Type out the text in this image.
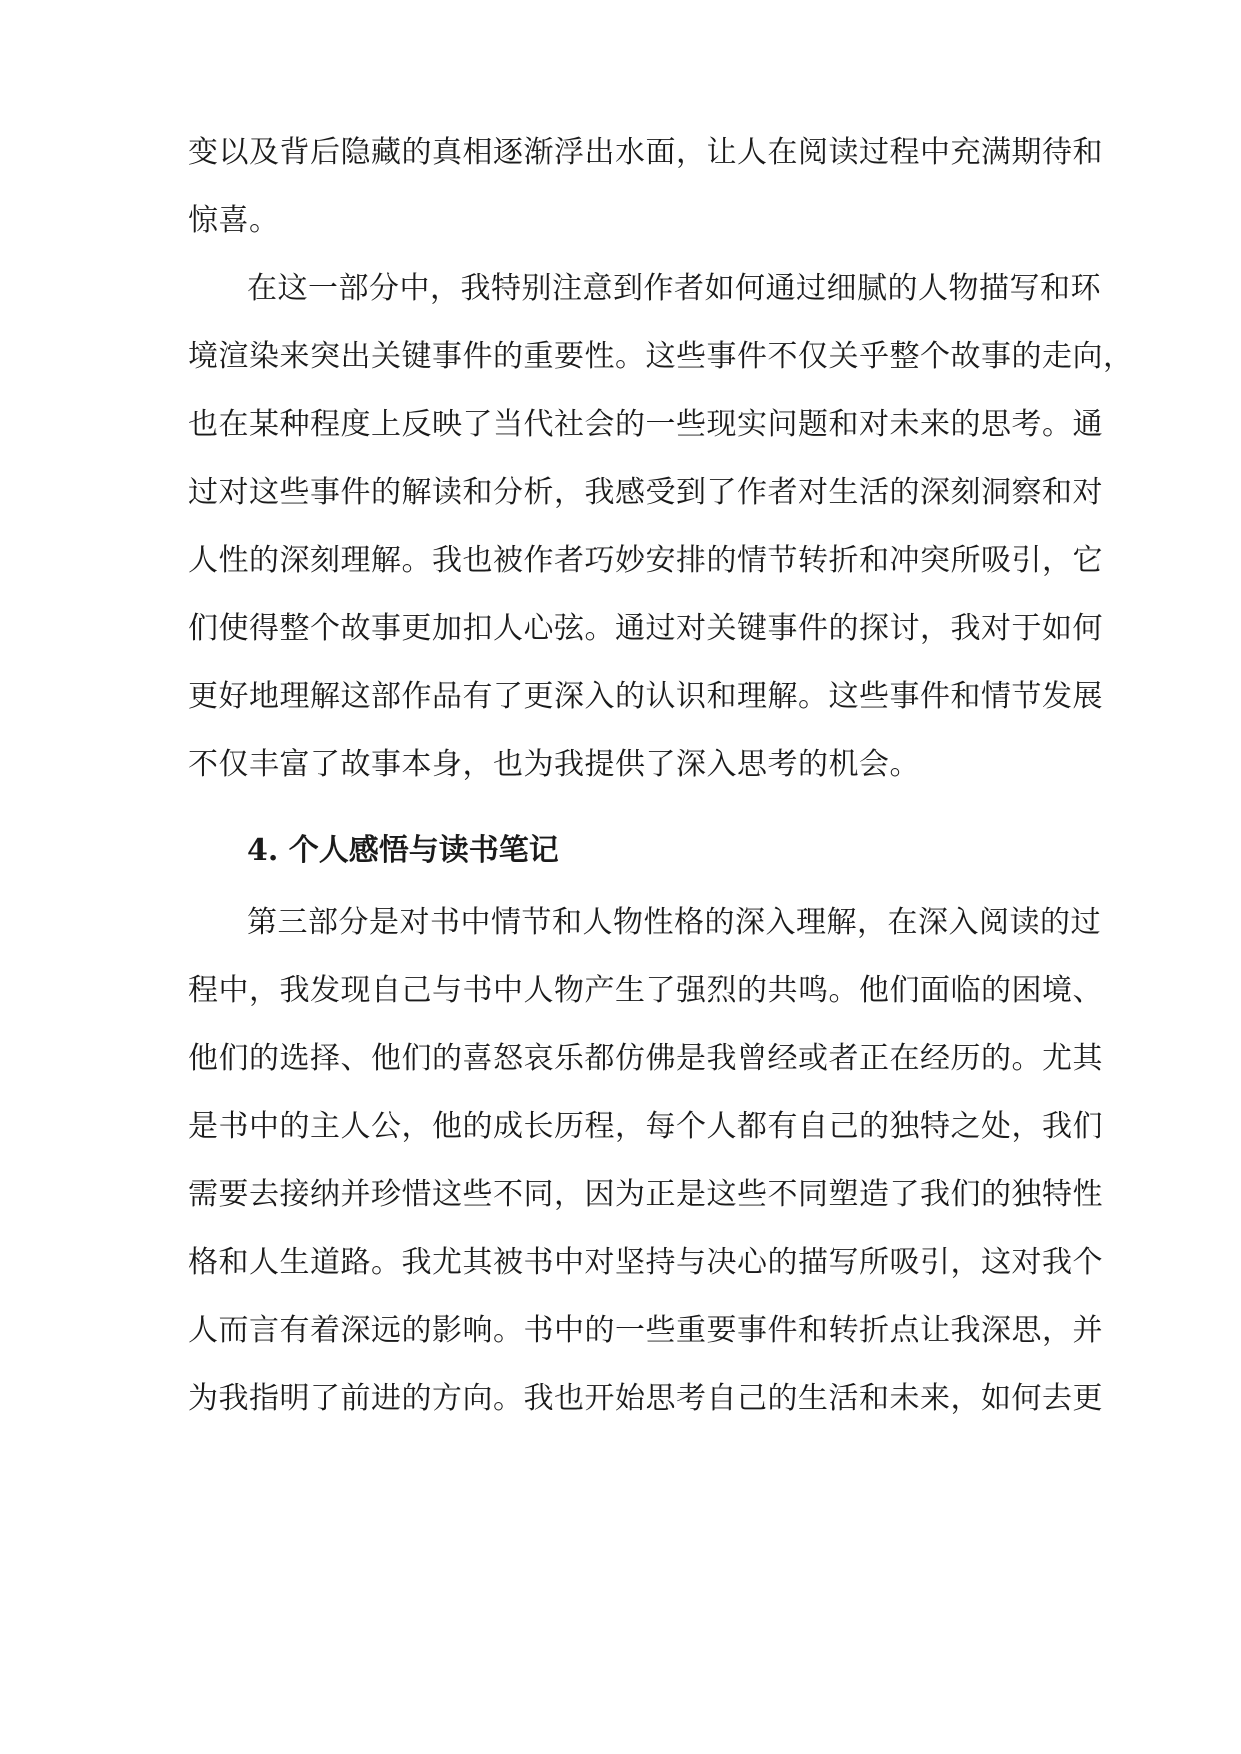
变以及背后隐藏的真相逐渐浮出水面，让人在阅读过程中充满期待和
惊喜。
在这一部分中，我特别注意到作者如何通过细腻的人物描写和环
境渲染来突出关键事件的重要性。这些事件不仅关乎整个故事的走向，
也在某种程度上反映了当代社会的一些现实问题和对未来的思考。通
过对这些事件的解读和分析，我感受到了作者对生活的深刻洞察和对
人性的深刻理解。我也被作者巧妙安排的情节转折和冲突所吸引，它
们使得整个故事更加扣人心弦。通过对关键事件的探讨，我对于如何
更好地理解这部作品有了更深入的认识和理解。这些事件和情节发展
不仅丰富了故事本身，也为我提供了深入思考的机会。
4. 个人感悟与读书笔记
第三部分是对书中情节和人物性格的深入理解，在深入阅读的过
程中，我发现自己与书中人物产生了强烈的共鸣。他们面临的困境、
他们的选择、他们的喜怒哀乐都仿佛是我曾经或者正在经历的。尤其
是书中的主人公，他的成长历程，每个人都有自己的独特之处，我们
需要去接纳并珍惜这些不同，因为正是这些不同塑造了我们的独特性
格和人生道路。我尤其被书中对坚持与决心的描写所吸引，这对我个
人而言有着深远的影响。书中的一些重要事件和转折点让我深思，并
为我指明了前进的方向。我也开始思考自己的生活和未来，如何去更
